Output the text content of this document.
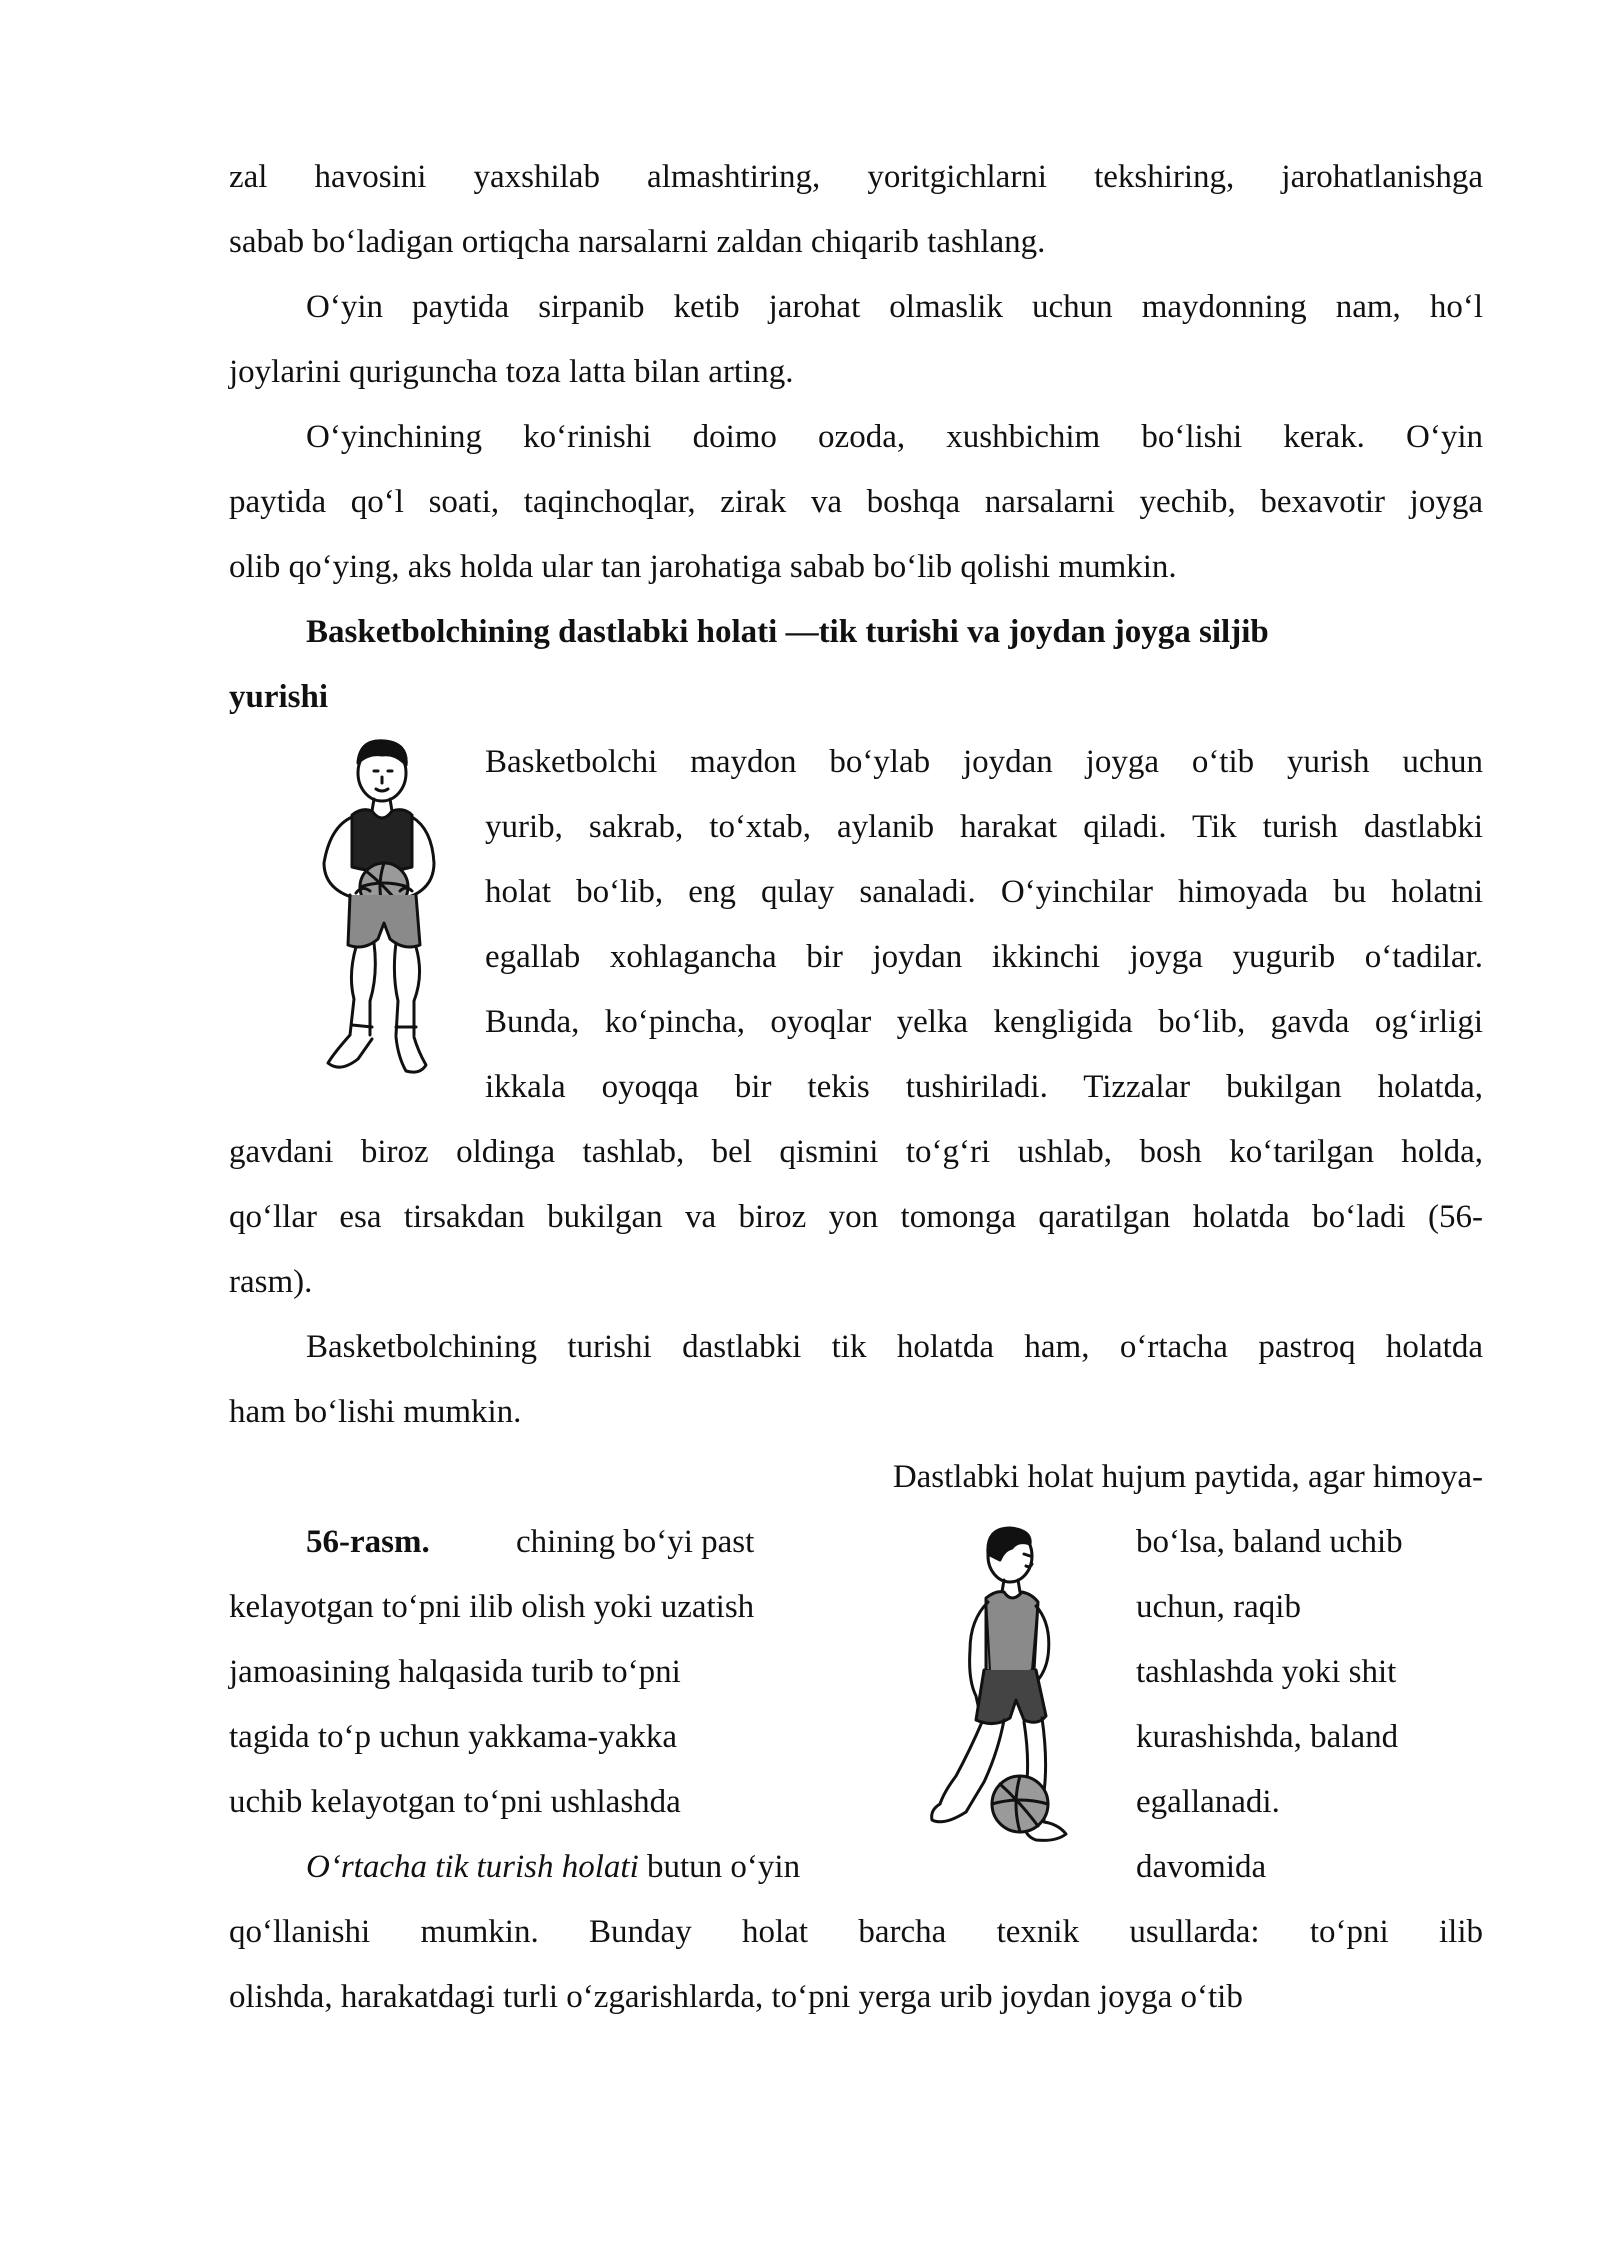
zal havosini yaxshilab almashtiring, yoritgichlarni tekshiring, jarohatlanishga
sabab bo‘ladigan ortiqcha narsalarni zaldan chiqarib tashlang.
O‘yin paytida sirpanib ketib jarohat olmaslik uchun maydonning nam, ho‘l
joylarini quriguncha toza latta bilan arting.
O‘yinchining ko‘rinishi doimo ozoda, xushbichim bo‘lishi kerak. O‘yin
paytida qo‘l soati, taqinchoqlar, zirak va boshqa narsalarni yechib, bexavotir joyga
olib qo‘ying, aks holda ular tan jarohatiga sabab bo‘lib qolishi mumkin.
Basketbolchining dastlabki holati —tik turishi va joydan joyga siljib
yurishi
Basketbolchi maydon bo‘ylab joydan joyga o‘tib yurish uchun
yurib, sakrab, to‘xtab, aylanib harakat qiladi. Tik turish dastlabki
holat bo‘lib, eng qulay sanaladi. O‘yinchilar himoyada bu holatni
egallab xohlagancha bir joydan ikkinchi joyga yugurib o‘tadilar.
Bunda, ko‘pincha, oyoqlar yelka kengligida bo‘lib, gavda og‘irligi
ikkala oyoqqa bir tekis tushiriladi. Tizzalar bukilgan holatda,
gavdani biroz oldinga tashlab, bel qismini to‘g‘ri ushlab, bosh ko‘tarilgan holda,
qo‘llar esa tirsakdan bukilgan va biroz yon tomonga qaratilgan holatda bo‘ladi (56-
rasm).
Basketbolchining turishi dastlabki tik holatda ham, o‘rtacha pastroq holatda
ham bo‘lishi mumkin.
Dastlabki holat hujum paytida, agar himoya-
56-rasm.	chining bo‘yi past
kelayotgan to‘pni ilib olish yoki uzatish
jamoasining halqasida turib to‘pni
tagida to‘p uchun yakkama-yakka
uchib kelayotgan to‘pni ushlashda
O‘rtacha tik turish holati butun o‘yin
bo‘lsa, baland uchib
uchun, raqib
tashlashda yoki shit
kurashishda, baland
egallanadi.
davomida
qo‘llanishi mumkin. Bunday holat barcha texnik usullarda: to‘pni ilib
olishda, harakatdagi turli o‘zgarishlarda, to‘pni yerga urib joydan joyga o‘tib
